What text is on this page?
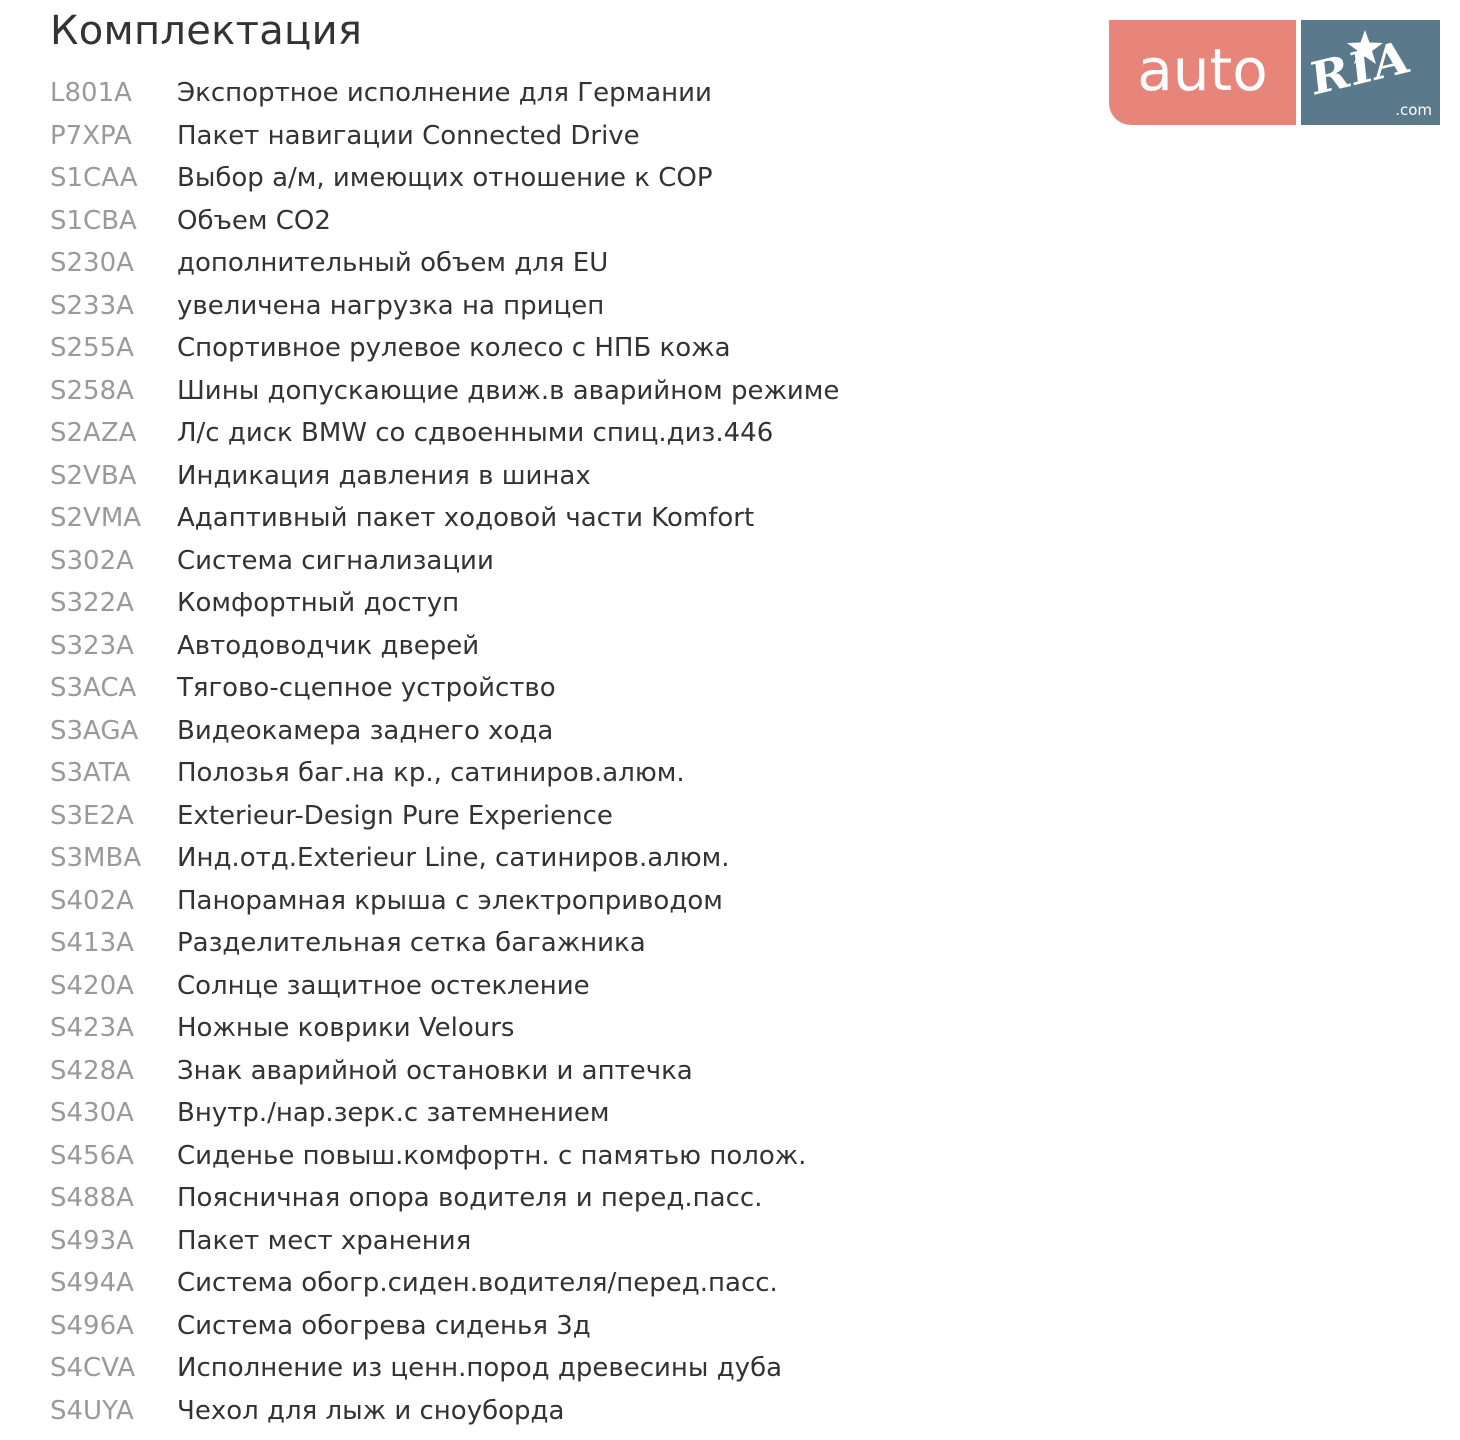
Комплектация
L801A	Экспортное исполнение для Германии
P7XPA	Пакет навигации Connected Drive
S1CAA	Выбор а/м, имеющих отношение к COP
S1CBA	Объем CO2
S230A	дополнительный объем для EU
S233A	увеличена нагрузка на прицеп
S255A	Спортивное рулевое колесо с НПБ кожа
S258A	Шины допускающие движ.в аварийном режиме
S2AZA	Л/с диск BMW со сдвоенными спиц.диз.446
S2VBA	Индикация давления в шинах
S2VMA	Адаптивный пакет ходовой части Komfort
S302A	Система сигнализации
S322A	Комфортный доступ
S323A	Автодоводчик дверей
S3ACA	Тягово-сцепное устройство
S3AGA	Видеокамера заднего хода
S3ATA	Полозья баг.на кр., сатиниров.алюм.
S3E2A	Exterieur-Design Pure Experience
S3MBA	Инд.отд.Exterieur Line, сатиниров.алюм.
S402A	Панорамная крыша с электроприводом
S413A	Разделительная сетка багажника
S420A	Солнце защитное остекление
S423A	Ножные коврики Velours
S428A	Знак аварийной остановки и аптечка
S430A	Внутр./нар.зерк.с затемнением
S456A	Сиденье повыш.комфортн. с памятью полож.
S488A	Поясничная опора водителя и перед.пасс.
S493A	Пакет мест хранения
S494A	Система обогр.сиден.водителя/перед.пасс.
S496A	Система обогрева сиденья 3д
S4CVA	Исполнение из ценн.пород древесины дуба
S4UYA	Чехол для лыж и сноуборда
auto RIA
.com
